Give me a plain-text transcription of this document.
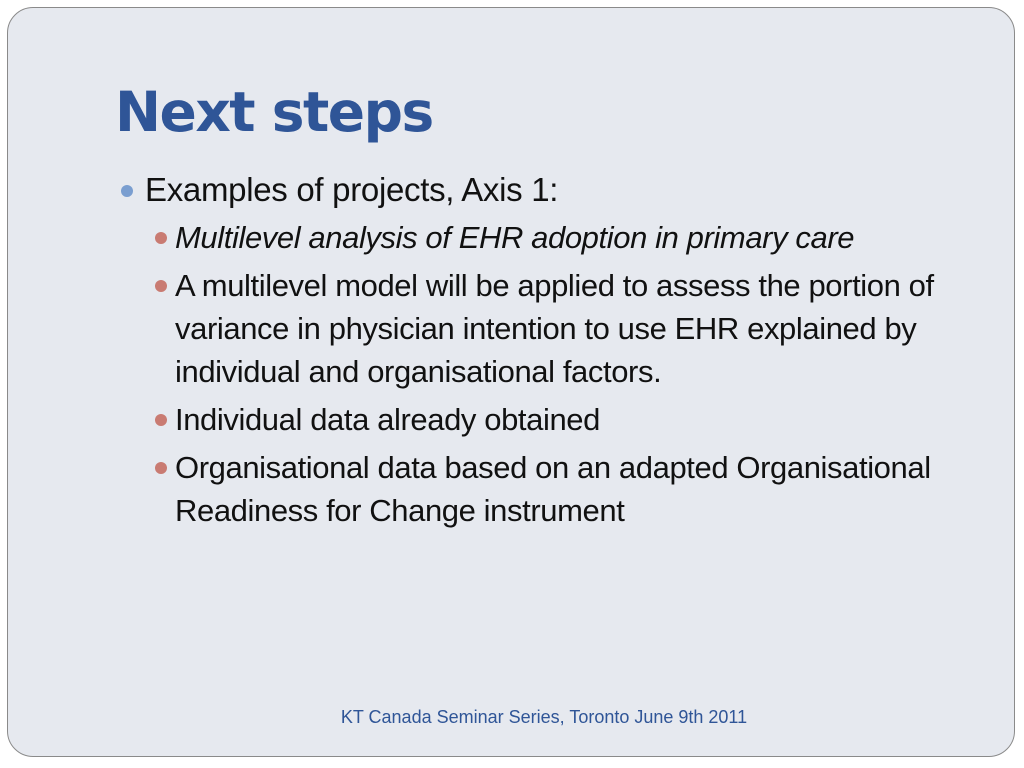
Next steps
Examples of projects, Axis 1:
Multilevel analysis of EHR adoption in primary care
A multilevel model will be applied to assess the portion of variance in physician intention to use EHR explained by individual and organisational factors.
Individual data already obtained
Organisational data based on an adapted Organisational Readiness for Change instrument
KT Canada Seminar Series, Toronto June 9th 2011
